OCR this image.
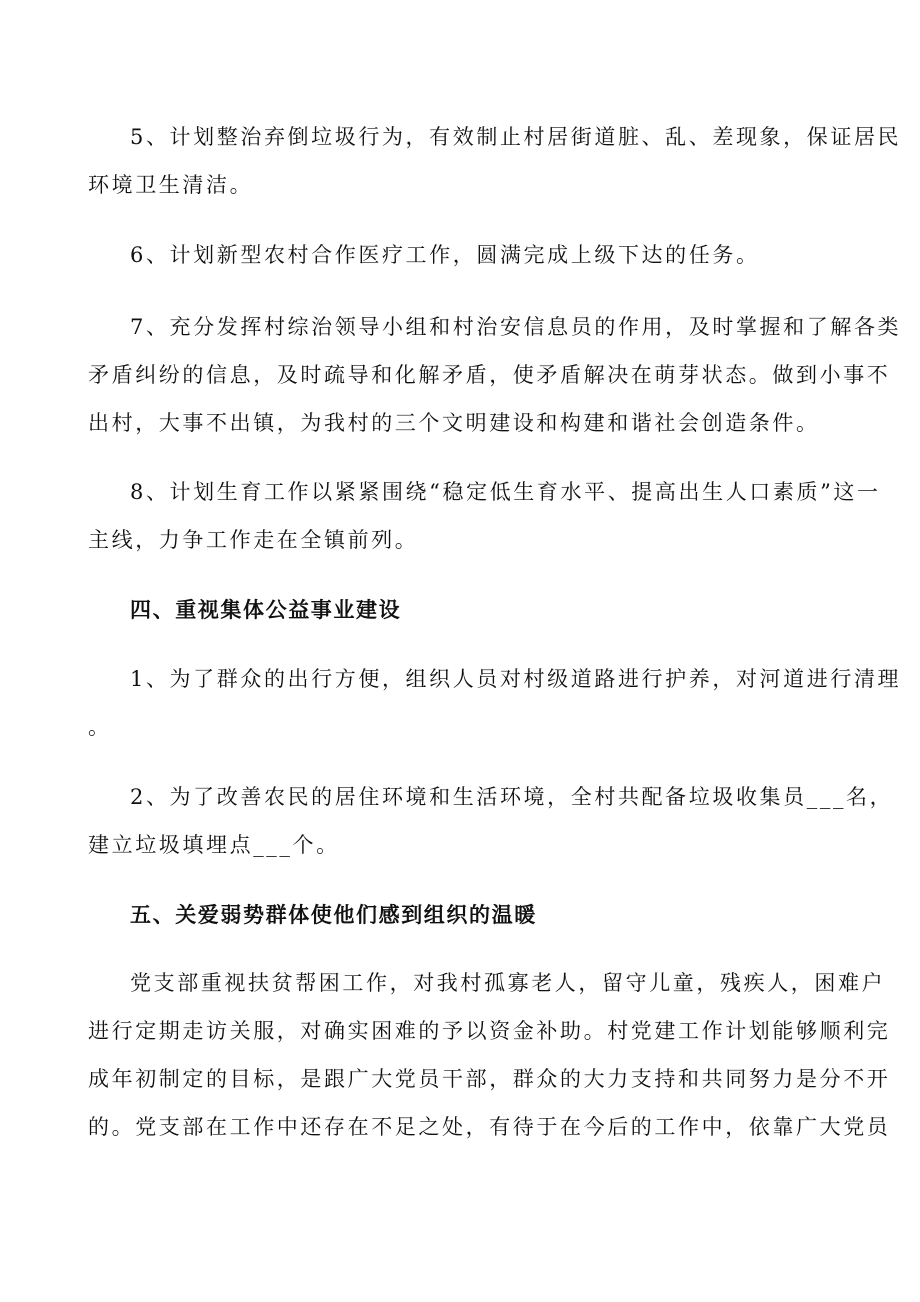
5、计划整治弃倒垃圾行为，有效制止村居街道脏、乱、差现象，保证居民
环境卫生清洁。
6、计划新型农村合作医疗工作，圆满完成上级下达的任务。
7、充分发挥村综治领导小组和村治安信息员的作用，及时掌握和了解各类
矛盾纠纷的信息，及时疏导和化解矛盾，使矛盾解决在萌芽状态。做到小事不
出村，大事不出镇，为我村的三个文明建设和构建和谐社会创造条件。
8、计划生育工作以紧紧围绕“稳定低生育水平、提高出生人口素质”这一
主线，力争工作走在全镇前列。
四、重视集体公益事业建设
1、为了群众的出行方便，组织人员对村级道路进行护养，对河道进行清理
。
2、为了改善农民的居住环境和生活环境，全村共配备垃圾收集员___名，
建立垃圾填埋点___个。
五、关爱弱势群体使他们感到组织的温暖
党支部重视扶贫帮困工作，对我村孤寡老人，留守儿童，残疾人，困难户
进行定期走访关服，对确实困难的予以资金补助。村党建工作计划能够顺利完
成年初制定的目标，是跟广大党员干部，群众的大力支持和共同努力是分不开
的。党支部在工作中还存在不足之处，有待于在今后的工作中，依靠广大党员
